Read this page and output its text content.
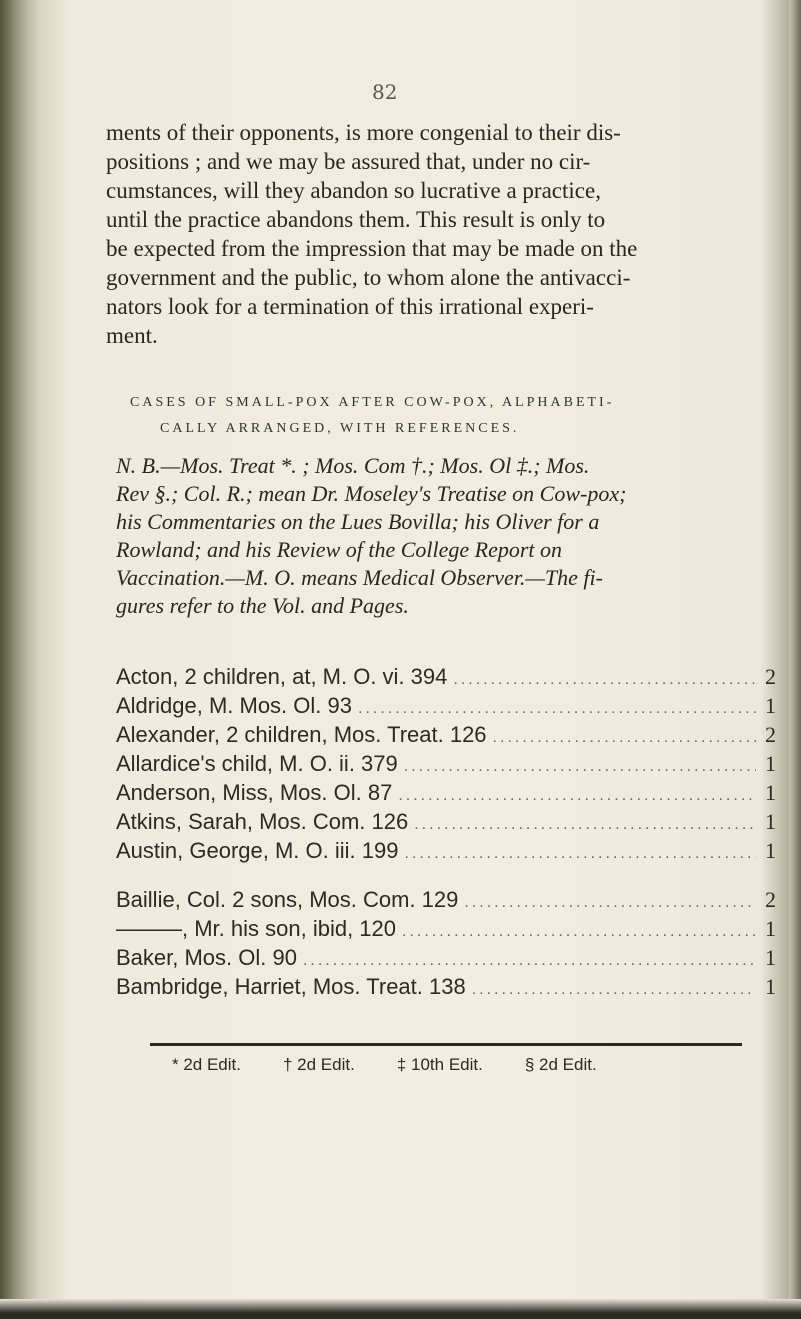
82
ments of their opponents, is more congenial to their dis-
positions ; and we may be assured that, under no cir-
cumstances, will they abandon so lucrative a practice,
until the practice abandons them. This result is only to
be expected from the impression that may be made on the
government and the public, to whom alone the antivacci-
nators look for a termination of this irrational experi-
ment.
CASES OF SMALL-POX AFTER COW-POX, ALPHABETI-
CALLY ARRANGED, WITH REFERENCES.
N. B.—Mos. Treat *. ; Mos. Com †.; Mos. Ol ‡.; Mos.
Rev §.; Col. R.; mean Dr. Moseley's Treatise on Cow-pox;
his Commentaries on the Lues Bovilla; his Oliver for a
Rowland; and his Review of the College Report on
Vaccination.—M. O. means Medical Observer.—The fi-
gures refer to the Vol. and Pages.
Acton, 2 children, at, M. O. vi. 394 .....	2
Aldridge, M. Mos. Ol. 93 .....	1
Alexander, 2 children, Mos. Treat. 126 .....	2
Allardice's child, M. O. ii. 379 .....	1
Anderson, Miss, Mos. Ol. 87 .....	1
Atkins, Sarah, Mos. Com. 126 .....	1
Austin, George, M. O. iii. 199 .....	1
Baillie, Col. 2 sons, Mos. Com. 129 .....	2
———, Mr. his son, ibid, 120 .....	1
Baker, Mos. Ol. 90 .....	1
Bambridge, Harriet, Mos. Treat. 138 .....	1
* 2d Edit. † 2d Edit. ‡ 10th Edit. § 2d Edit.
